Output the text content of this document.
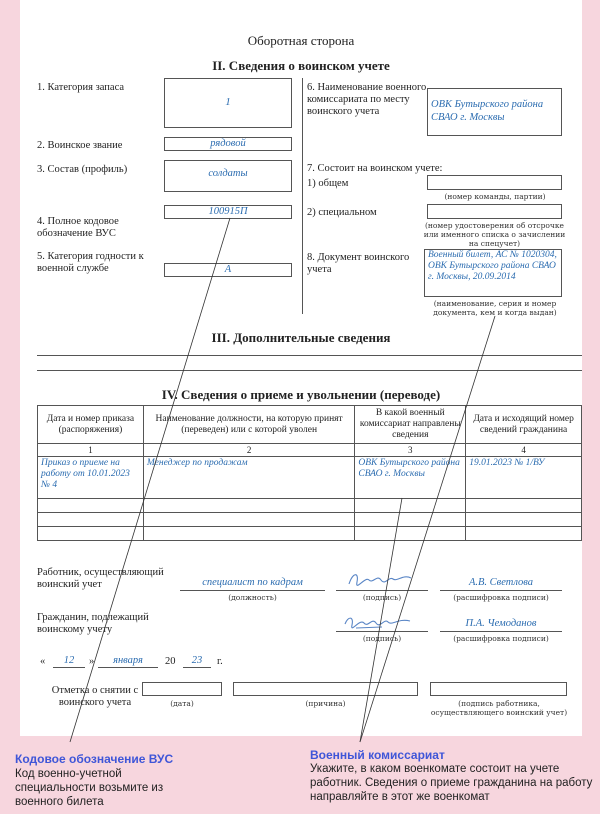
Оборотная сторона
II. Сведения о воинском учете
1. Категория запаса
1
2. Воинское звание	рядовой
3. Состав (профиль)	солдаты
4. Полное кодовое обозначение ВУС
100915П
5. Категория годности к военной службе	А
6. Наименование военного комиссариата по месту воинского учета
ОВК Бутырского района СВАО г. Москвы
7. Состоит на воинском учете:
1) общем
(номер команды, партии)
2) специальном
(номер удостоверения об отсрочке или именного списка о зачислении на спецучет)
8. Документ воинского учета
Военный билет, АС № 1020304, ОВК Бутырского района СВАО г. Москвы, 20.09.2014
(наименование, серия и номер документа, кем и когда выдан)
III. Дополнительные сведения
IV. Сведения о приеме и увольнении (переводе)
Дата и номер приказа (распоряжения)	Наименование должности, на которую принят (переведен) или с которой уволен	В какой военный комиссариат направлены сведения	Дата и исходящий номер сведений гражданина
1	2	3	4
Приказ о приеме на работу от 10.01.2023 № 4	Менеджер по продажам	ОВК Бутырского района СВАО г. Москвы	19.01.2023 № 1/ВУ

Работник, осуществляющий воинский учет	специалист по кадрам
(должность)	(подпись)
А.В. Светлова
(расшифровка подписи)
Гражданин, подлежащий воинскому учету
(подпись)
П.А. Чемоданов
(расшифровка подписи)
«	12	»	января	20	23	г.
Отметка о снятии с воинского учета	(дата)	(причина)	(подпись работника, осуществляющего воинский учет)
Кодовое обозначение ВУС
Код военно-учетной специальности возьмите из военного билета
Военный комиссариат
Укажите, в каком военкомате состоит на учете работник. Сведения о приеме гражданина на работу направляйте в этот же военкомат
